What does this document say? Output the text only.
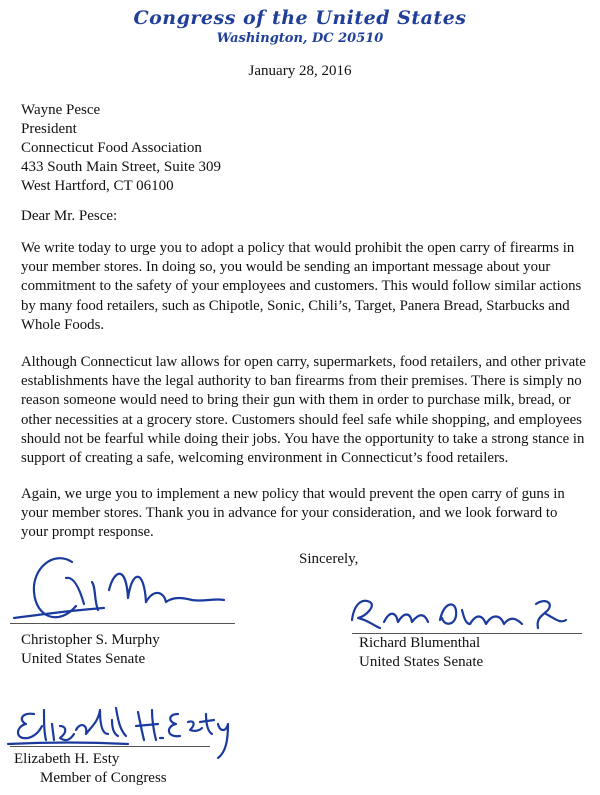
Congress of the United States
Washington, DC 20510
January 28, 2016
Wayne Pesce
President
Connecticut Food Association
433 South Main Street, Suite 309
West Hartford, CT 06100
Dear Mr. Pesce:

We write today to urge you to adopt a policy that would prohibit the open carry of firearms in your member stores. In doing so, you would be sending an important message about your commitment to the safety of your employees and customers. This would follow similar actions by many food retailers, such as Chipotle, Sonic, Chili’s, Target, Panera Bread, Starbucks and Whole Foods.

Although Connecticut law allows for open carry, supermarkets, food retailers, and other private establishments have the legal authority to ban firearms from their premises. There is simply no reason someone would need to bring their gun with them in order to purchase milk, bread, or other necessities at a grocery store. Customers should feel safe while shopping, and employees should not be fearful while doing their jobs. You have the opportunity to take a strong stance in support of creating a safe, welcoming environment in Connecticut’s food retailers.

Again, we urge you to implement a new policy that would prevent the open carry of guns in your member stores. Thank you in advance for your consideration, and we look forward to your prompt response.

Sincerely,
Christopher S. Murphy
United States Senate
Richard Blumenthal
United States Senate
Elizabeth H. Esty
Member of Congress
